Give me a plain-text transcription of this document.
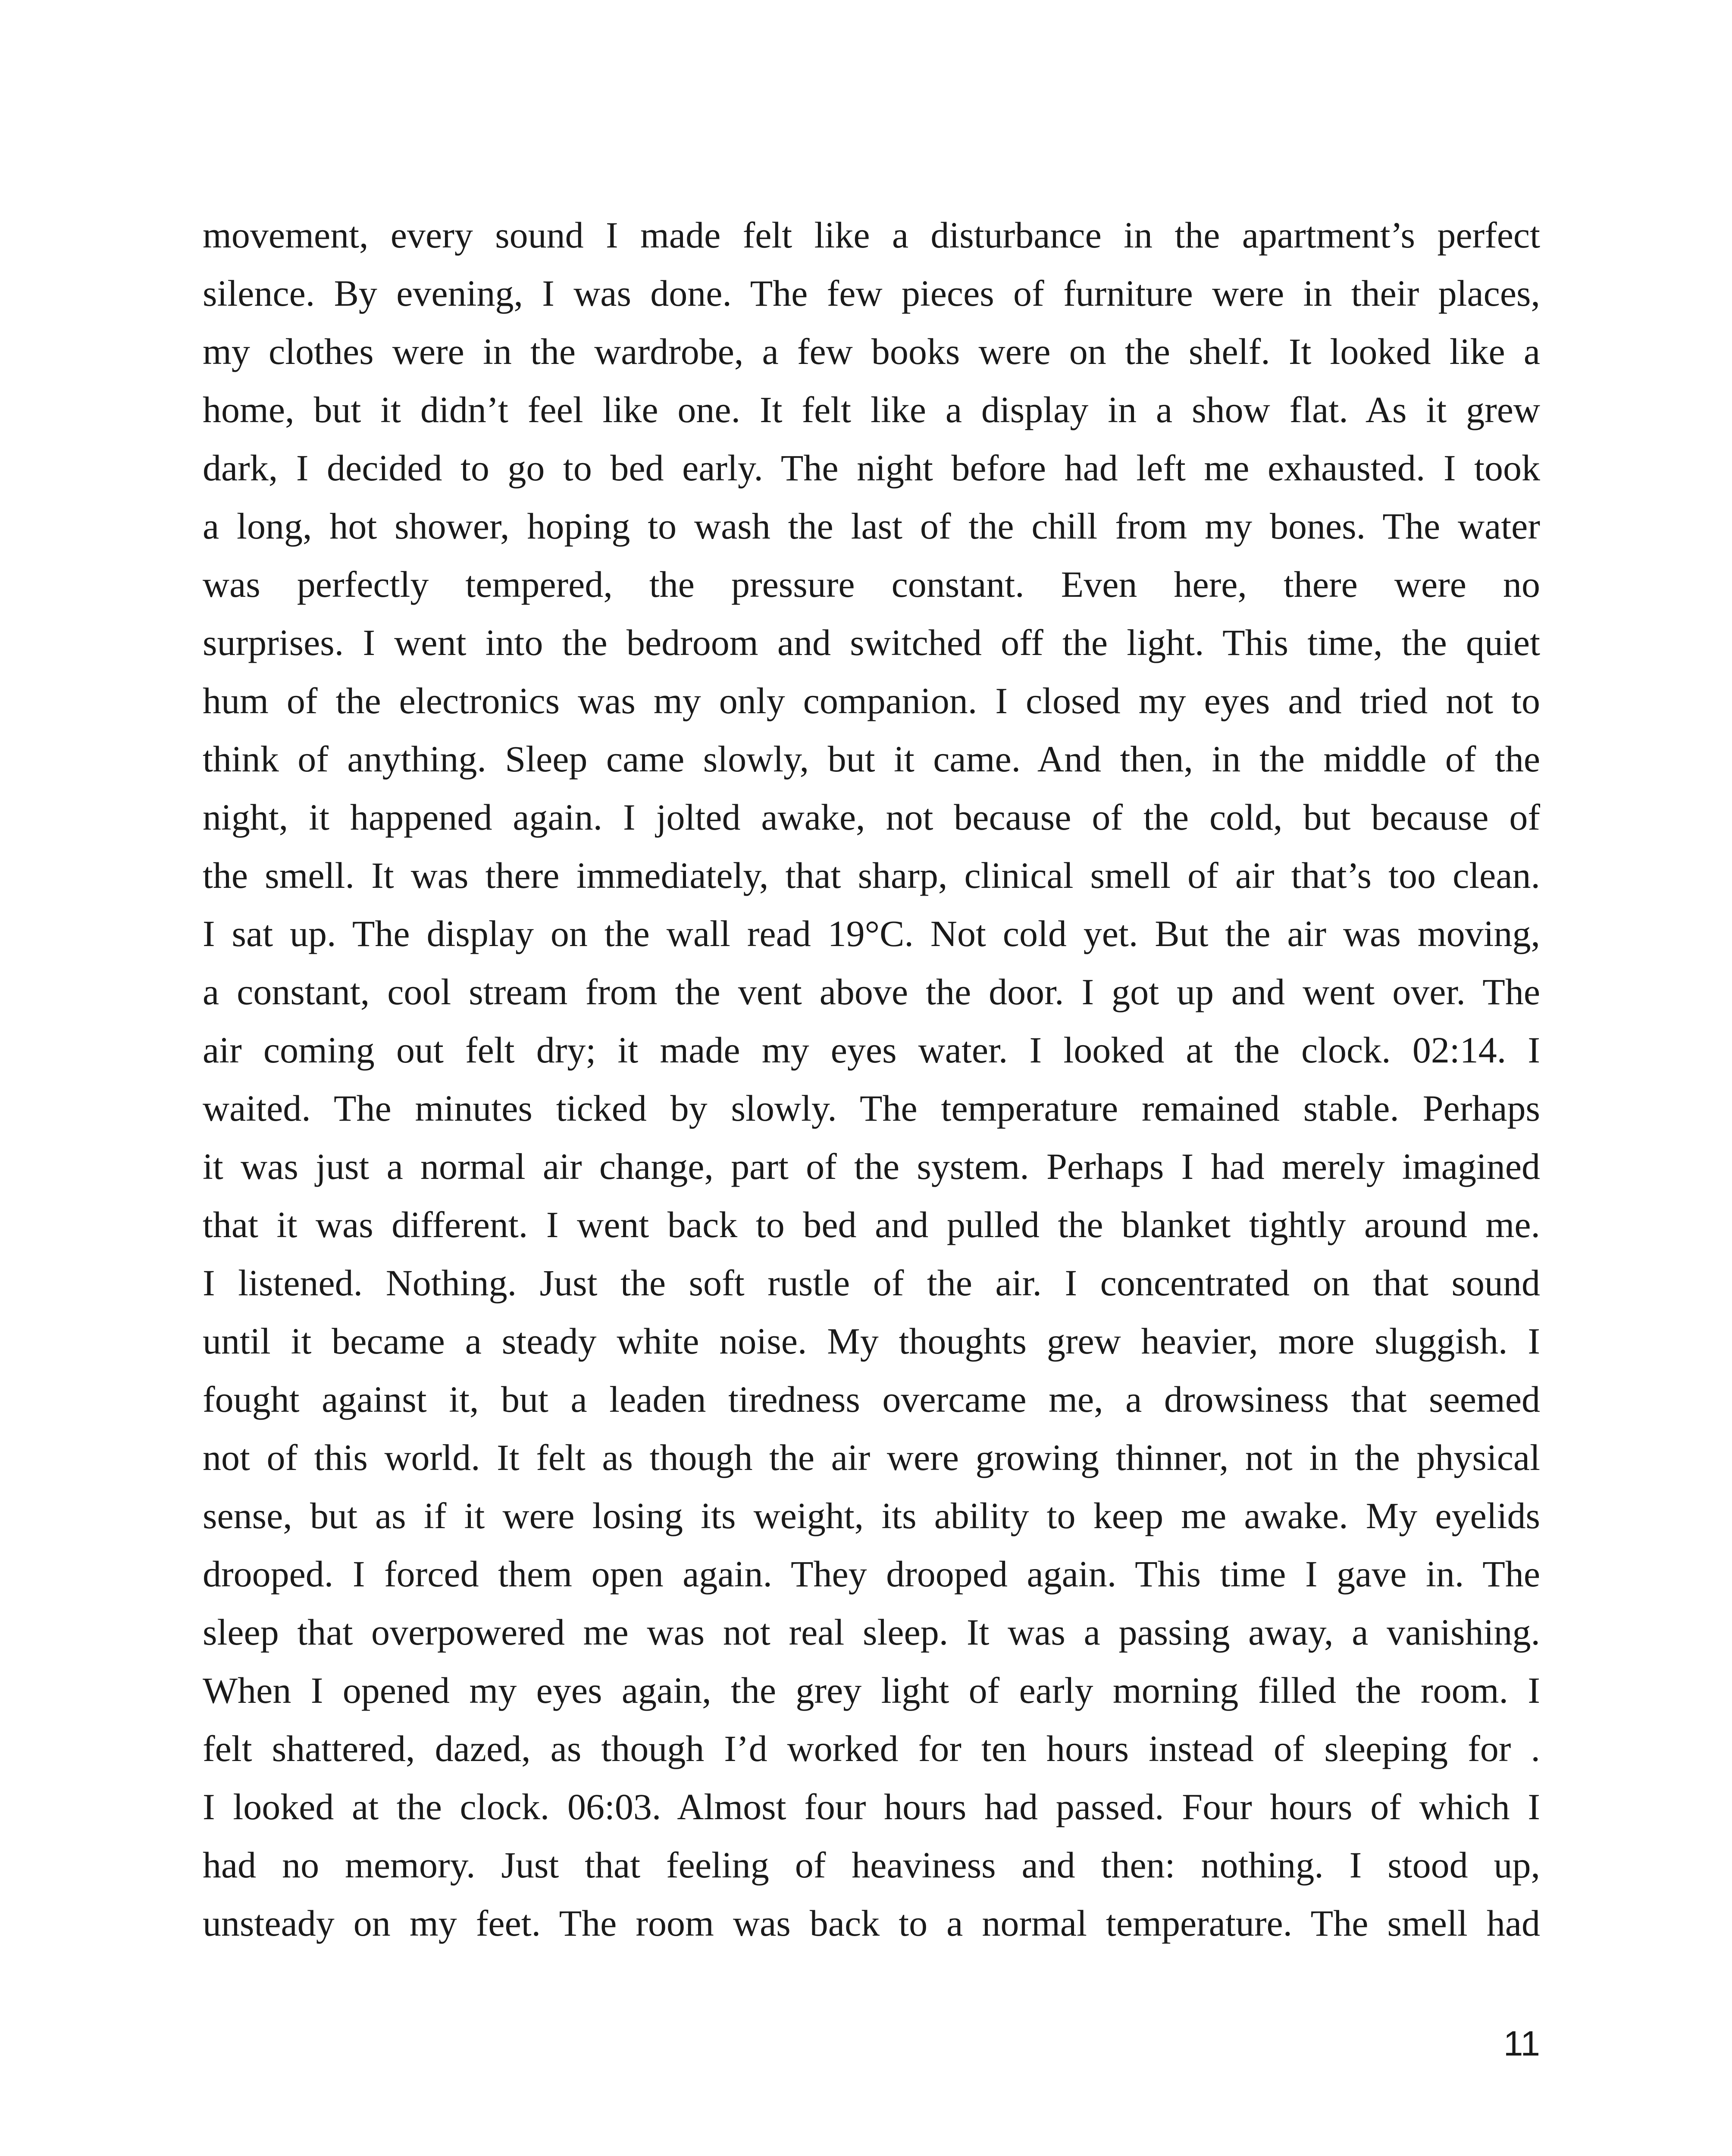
movement, every sound I made felt like a disturbance in the apartment’s perfect
silence. By evening, I was done. The few pieces of furniture were in their places,
my clothes were in the wardrobe, a few books were on the shelf. It looked like a
home, but it didn’t feel like one. It felt like a display in a show flat. As it grew
dark, I decided to go to bed early. The night before had left me exhausted. I took
a long, hot shower, hoping to wash the last of the chill from my bones. The water
was perfectly tempered, the pressure constant. Even here, there were no
surprises. I went into the bedroom and switched off the light. This time, the quiet
hum of the electronics was my only companion. I closed my eyes and tried not to
think of anything. Sleep came slowly, but it came. And then, in the middle of the
night, it happened again. I jolted awake, not because of the cold, but because of
the smell. It was there immediately, that sharp, clinical smell of air that’s too clean.
I sat up. The display on the wall read 19°C. Not cold yet. But the air was moving,
a constant, cool stream from the vent above the door. I got up and went over. The
air coming out felt dry; it made my eyes water. I looked at the clock. 02:14. I
waited. The minutes ticked by slowly. The temperature remained stable. Perhaps
it was just a normal air change, part of the system. Perhaps I had merely imagined
that it was different. I went back to bed and pulled the blanket tightly around me.
I listened. Nothing. Just the soft rustle of the air. I concentrated on that sound
until it became a steady white noise. My thoughts grew heavier, more sluggish. I
fought against it, but a leaden tiredness overcame me, a drowsiness that seemed
not of this world. It felt as though the air were growing thinner, not in the physical
sense, but as if it were losing its weight, its ability to keep me awake. My eyelids
drooped. I forced them open again. They drooped again. This time I gave in. The
sleep that overpowered me was not real sleep. It was a passing away, a vanishing.
When I opened my eyes again, the grey light of early morning filled the room. I
felt shattered, dazed, as though I’d worked for ten hours instead of sleeping for .
I looked at the clock. 06:03. Almost four hours had passed. Four hours of which I
had no memory. Just that feeling of heaviness and then: nothing. I stood up,
unsteady on my feet. The room was back to a normal temperature. The smell had
11
